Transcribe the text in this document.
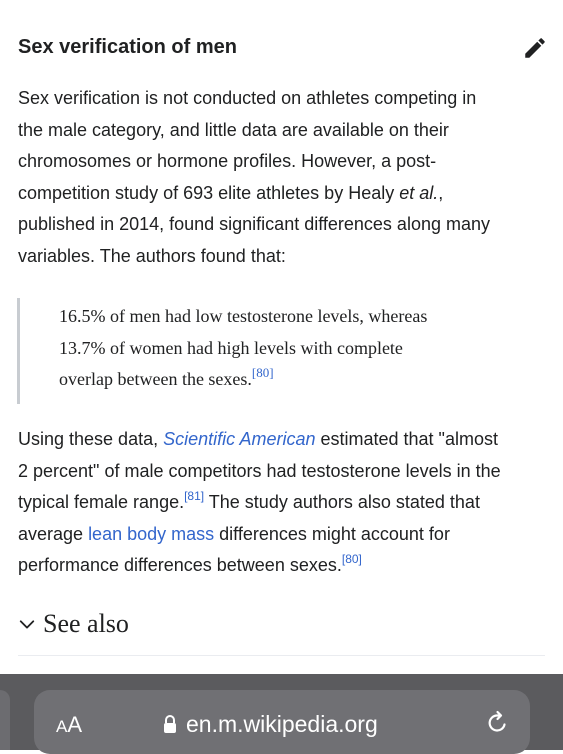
Sex verification of men
Sex verification is not conducted on athletes competing in
the male category, and little data are available on their
chromosomes or hormone profiles. However, a post-
competition study of 693 elite athletes by Healy et al.,
published in 2014, found significant differences along many
variables. The authors found that:
16.5% of men had low testosterone levels, whereas
13.7% of women had high levels with complete
overlap between the sexes.[80]
Using these data, Scientific American estimated that "almost
2 percent" of male competitors had testosterone levels in the
typical female range.[81] The study authors also stated that
average lean body mass differences might account for
performance differences between sexes.[80]
See also
AA	en.m.wikipedia.org
